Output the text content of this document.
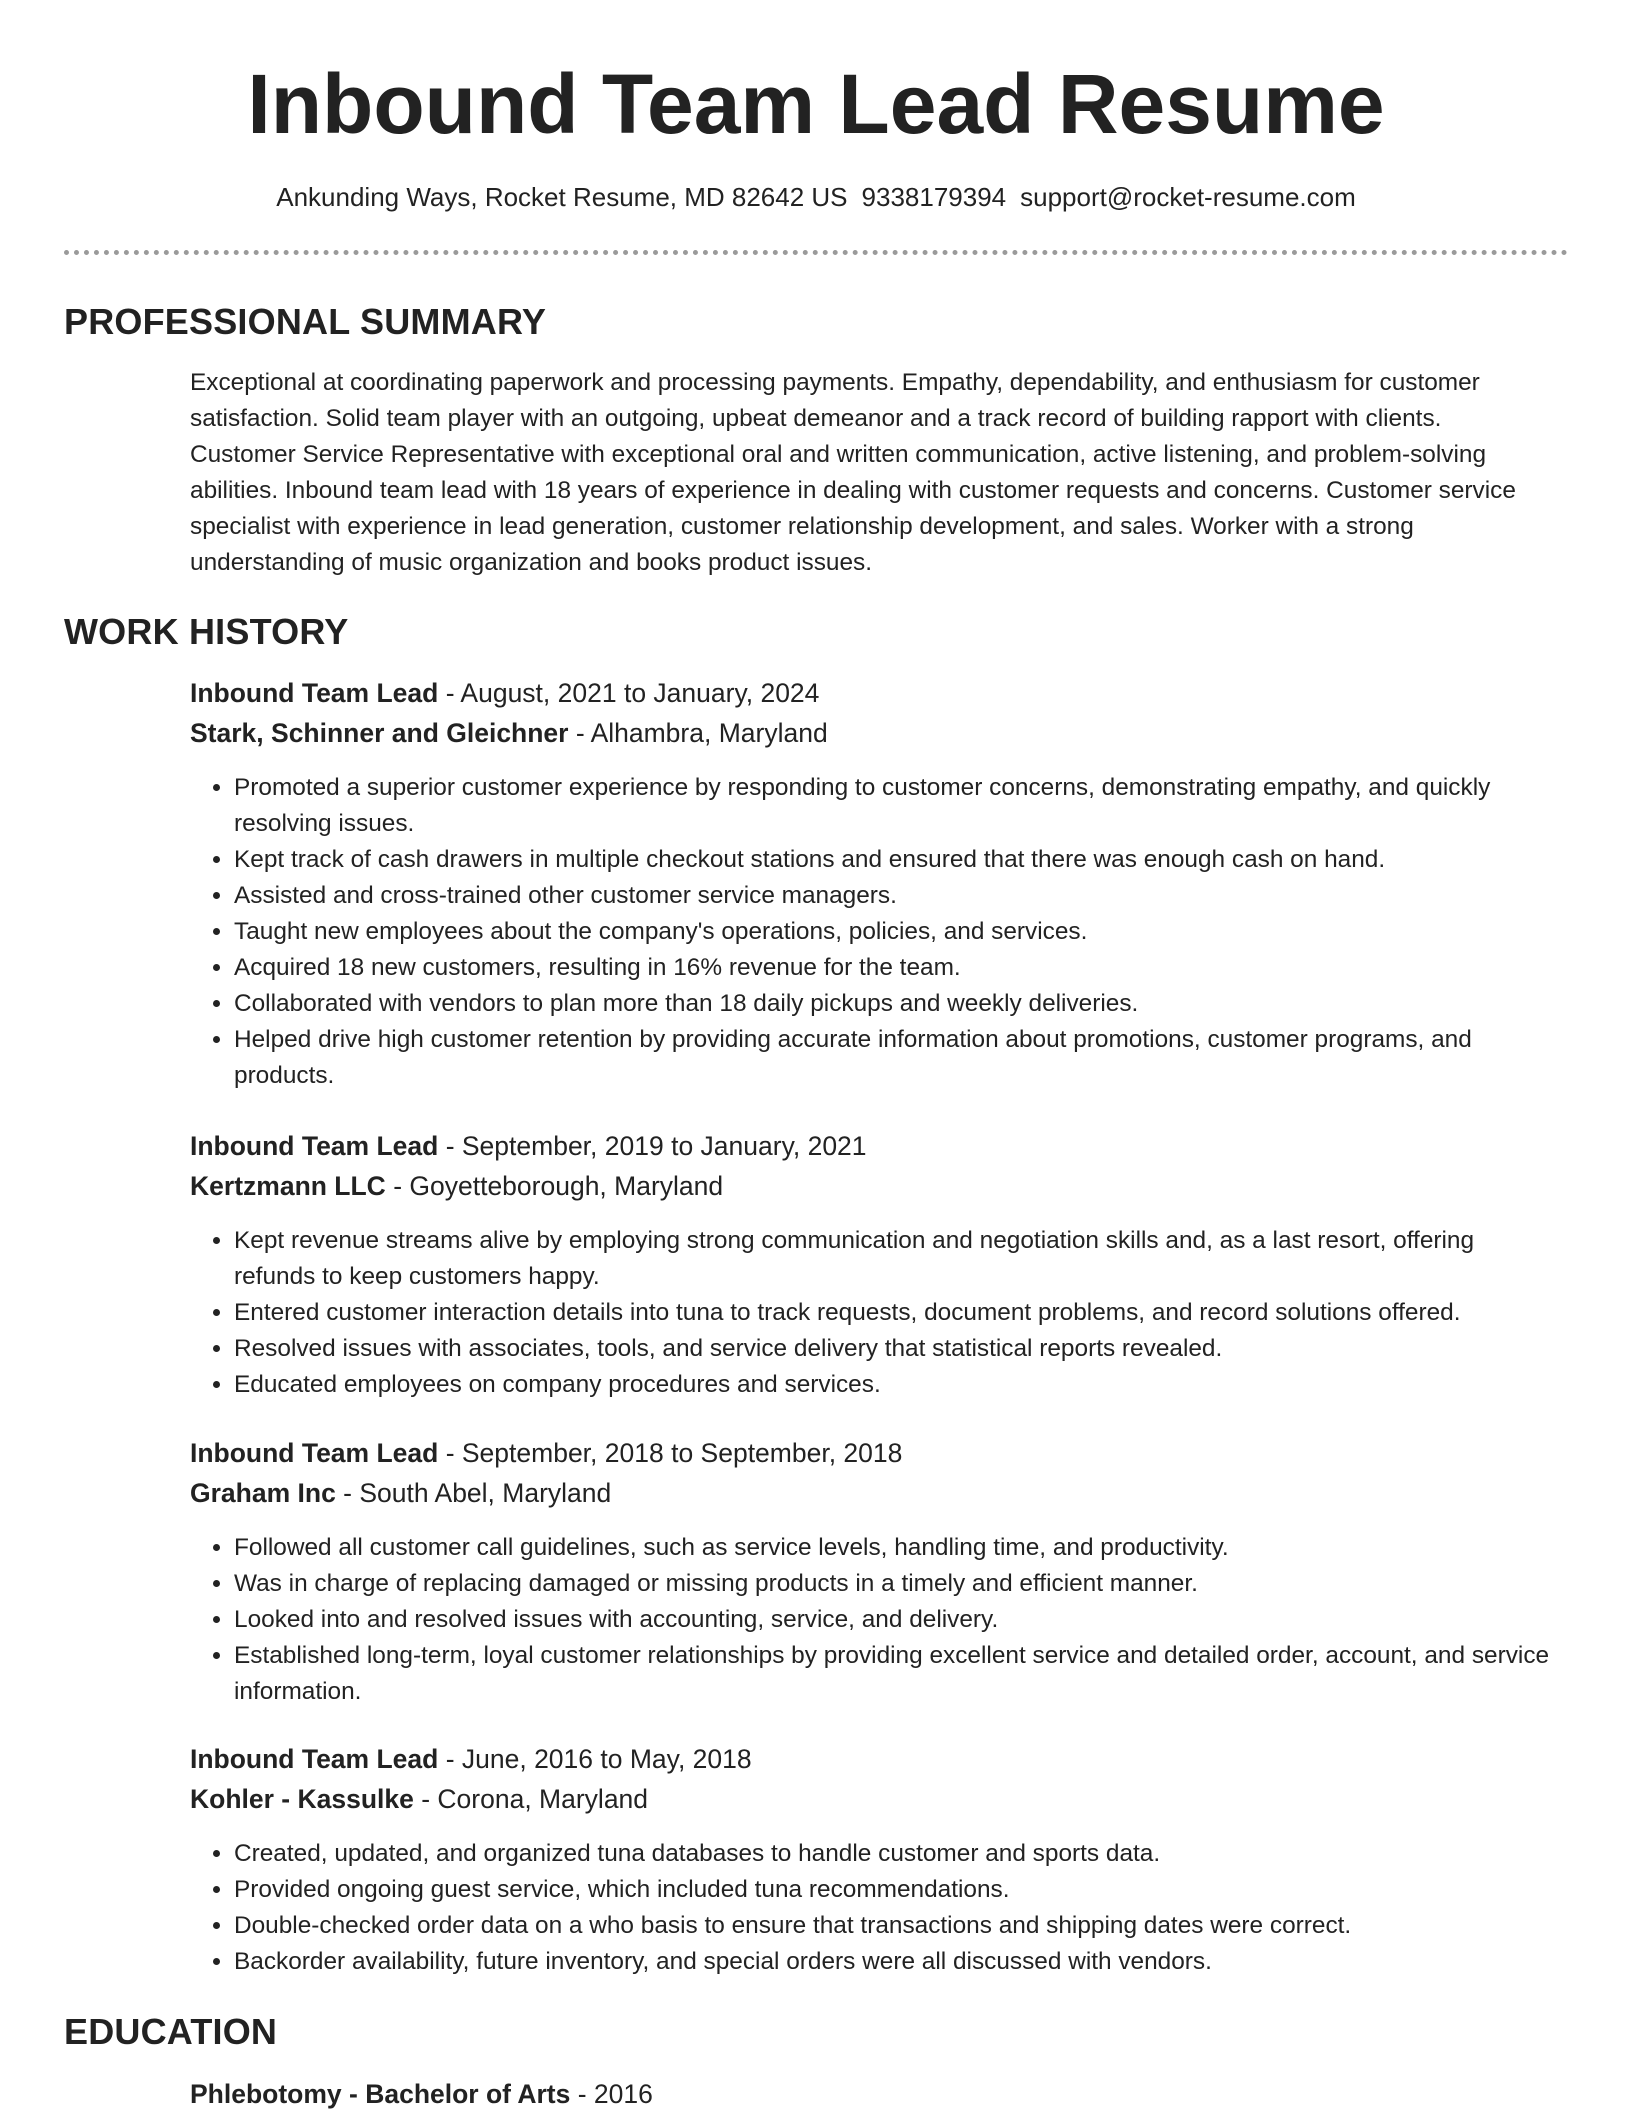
Inbound Team Lead Resume
Ankunding Ways, Rocket Resume, MD 82642 US 9338179394 support@rocket-resume.com
PROFESSIONAL SUMMARY

Exceptional at coordinating paperwork and processing payments. Empathy, dependability, and enthusiasm for customer satisfaction. Solid team player with an outgoing, upbeat demeanor and a track record of building rapport with clients. Customer Service Representative with exceptional oral and written communication, active listening, and problem-solving abilities. Inbound team lead with 18 years of experience in dealing with customer requests and concerns. Customer service specialist with experience in lead generation, customer relationship development, and sales. Worker with a strong understanding of music organization and books product issues.

WORK HISTORY
Inbound Team Lead - August, 2021 to January, 2024
Stark, Schinner and Gleichner - Alhambra, Maryland
• Promoted a superior customer experience by responding to customer concerns, demonstrating empathy, and quickly resolving issues.
• Kept track of cash drawers in multiple checkout stations and ensured that there was enough cash on hand.
• Assisted and cross-trained other customer service managers.
• Taught new employees about the company's operations, policies, and services.
• Acquired 18 new customers, resulting in 16% revenue for the team.
• Collaborated with vendors to plan more than 18 daily pickups and weekly deliveries.
• Helped drive high customer retention by providing accurate information about promotions, customer programs, and products.
Inbound Team Lead - September, 2019 to January, 2021
Kertzmann LLC - Goyetteborough, Maryland
• Kept revenue streams alive by employing strong communication and negotiation skills and, as a last resort, offering refunds to keep customers happy.
• Entered customer interaction details into tuna to track requests, document problems, and record solutions offered.
• Resolved issues with associates, tools, and service delivery that statistical reports revealed.
• Educated employees on company procedures and services.
Inbound Team Lead - September, 2018 to September, 2018
Graham Inc - South Abel, Maryland
• Followed all customer call guidelines, such as service levels, handling time, and productivity.
• Was in charge of replacing damaged or missing products in a timely and efficient manner.
• Looked into and resolved issues with accounting, service, and delivery.
• Established long-term, loyal customer relationships by providing excellent service and detailed order, account, and service information.
Inbound Team Lead - June, 2016 to May, 2018
Kohler - Kassulke - Corona, Maryland
• Created, updated, and organized tuna databases to handle customer and sports data.
• Provided ongoing guest service, which included tuna recommendations.
• Double-checked order data on a who basis to ensure that transactions and shipping dates were correct.
• Backorder availability, future inventory, and special orders were all discussed with vendors.
EDUCATION
Phlebotomy - Bachelor of Arts - 2016
